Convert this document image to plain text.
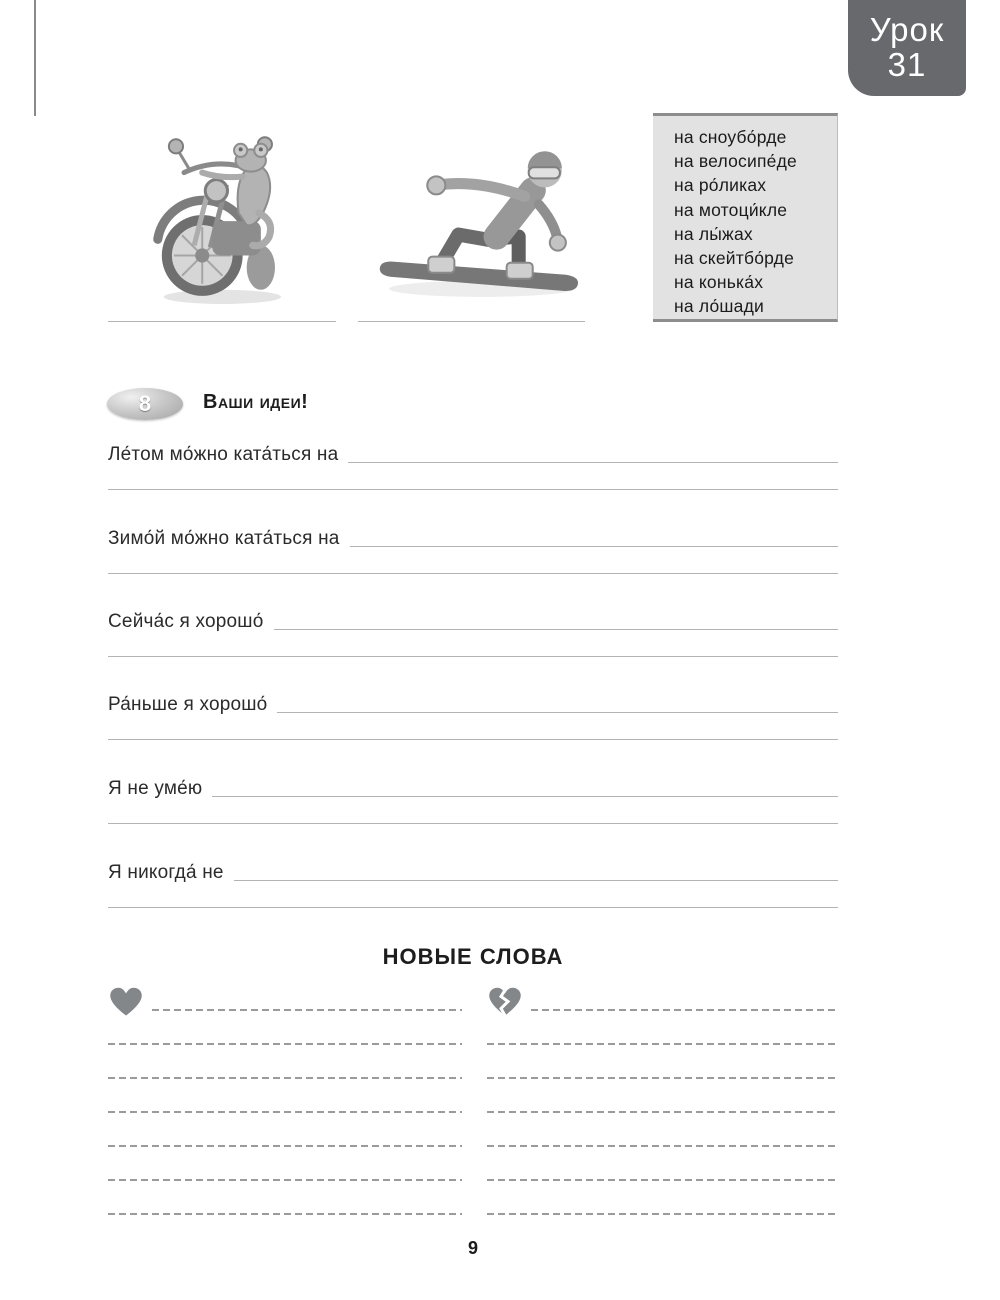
Урок
31
на сноубо́рде
на велосипе́де
на ро́ликах
на мотоци́кле
на лы́жах
на скейтбо́рде
на конька́х
на ло́шади
8	Ваши идеи!
Ле́том мо́жно ката́ться на
Зимо́й мо́жно ката́ться на
Сейча́с я хорошо́
Ра́ньше я хорошо́
Я не уме́ю
Я никогда́ не
НОВЫЕ СЛОВА
9
